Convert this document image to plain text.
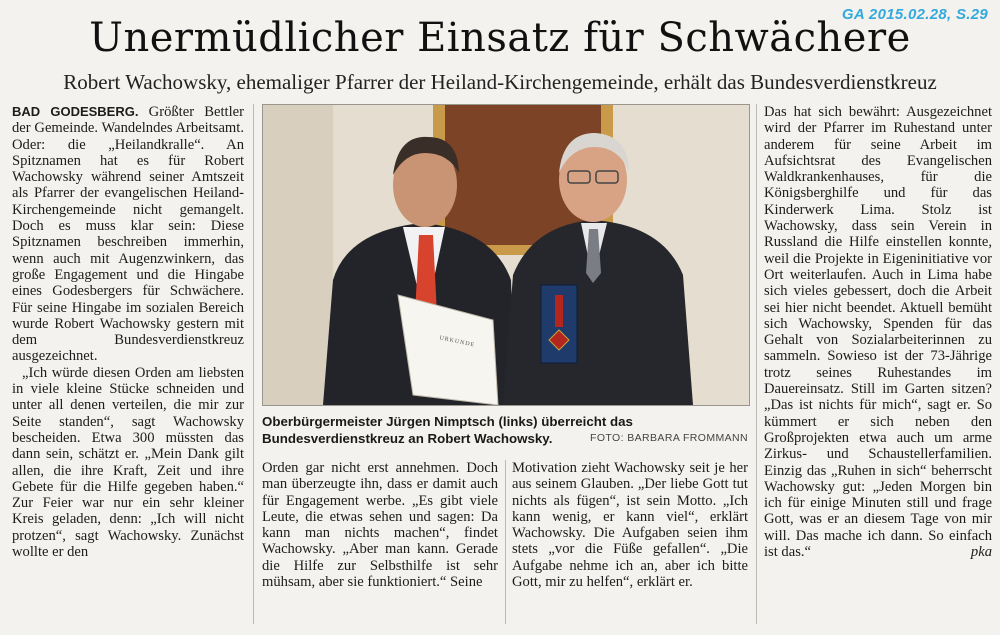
GA 2015.02.28, S.29
Unermüdlicher Einsatz für Schwächere
Robert Wachowsky, ehemaliger Pfarrer der Heiland-Kirchengemeinde, erhält das Bundesverdienstkreuz

BAD GODESBERG. Größter Bettler der Gemeinde. Wandelndes Arbeitsamt. Oder: die „Heilandkralle“. An Spitznamen hat es für Robert Wachowsky während seiner Amtszeit als Pfarrer der evangelischen Heiland-Kirchengemeinde nicht gemangelt. Doch es muss klar sein: Diese Spitznamen beschreiben immerhin, wenn auch mit Augenzwinkern, das große Engagement und die Hingabe eines Godesbergers für Schwächere. Für seine Hingabe im sozialen Bereich wurde Robert Wachowsky gestern mit dem Bundesverdienstkreuz ausgezeichnet.

„Ich würde diesen Orden am liebsten in viele kleine Stücke schneiden und unter all denen verteilen, die mir zur Seite standen“, sagt Wachowsky bescheiden. Etwa 300 müssten das dann sein, schätzt er. „Mein Dank gilt allen, die ihre Kraft, Zeit und ihre Gebete für die Hilfe gegeben haben.“ Zur Feier war nur ein sehr kleiner Kreis geladen, denn: „Ich will nicht protzen“, sagt Wachowsky. Zunächst wollte er den

URKUNDE
Oberbürgermeister Jürgen Nimptsch (links) überreicht das Bundesverdienstkreuz an Robert Wachowsky.	FOTO: BARBARA FROMMANN

Orden gar nicht erst annehmen. Doch man überzeugte ihn, dass er damit auch für Engagement werbe. „Es gibt viele Leute, die etwas sehen und sagen: Da kann man nichts machen“, findet Wachowsky. „Aber man kann. Gerade die Hilfe zur Selbsthilfe ist sehr mühsam, aber sie funktioniert.“ Seine

Motivation zieht Wachowsky seit je her aus seinem Glauben. „Der liebe Gott tut nichts als fügen“, ist sein Motto. „Ich kann wenig, er kann viel“, erklärt Wachowsky. Die Aufgaben seien ihm stets „vor die Füße gefallen“. „Die Aufgabe nehme ich an, aber ich bitte Gott, mir zu helfen“, erklärt er.

Das hat sich bewährt: Ausgezeichnet wird der Pfarrer im Ruhestand unter anderem für seine Arbeit im Aufsichtsrat des Evangelischen Waldkrankenhauses, für die Königsberghilfe und für das Kinderwerk Lima. Stolz ist Wachowsky, dass sein Verein in Russland die Hilfe einstellen konnte, weil die Projekte in Eigeninitiative vor Ort weiterlaufen. Auch in Lima habe sich vieles gebessert, doch die Arbeit sei hier nicht beendet. Aktuell bemüht sich Wachowsky, Spenden für das Gehalt von Sozialarbeiterinnen zu sammeln. Sowieso ist der 73-Jährige trotz seines Ruhestandes im Dauereinsatz. Still im Garten sitzen? „Das ist nichts für mich“, sagt er. So kümmert er sich neben den Großprojekten etwa auch um arme Zirkus- und Schaustellerfamilien. Einzig das „Ruhen in sich“ beherrscht Wachowsky gut: „Jeden Morgen bin ich für einige Minuten still und frage Gott, was er an diesem Tage von mir will. Das mache ich dann. So einfach ist das.“	pka
